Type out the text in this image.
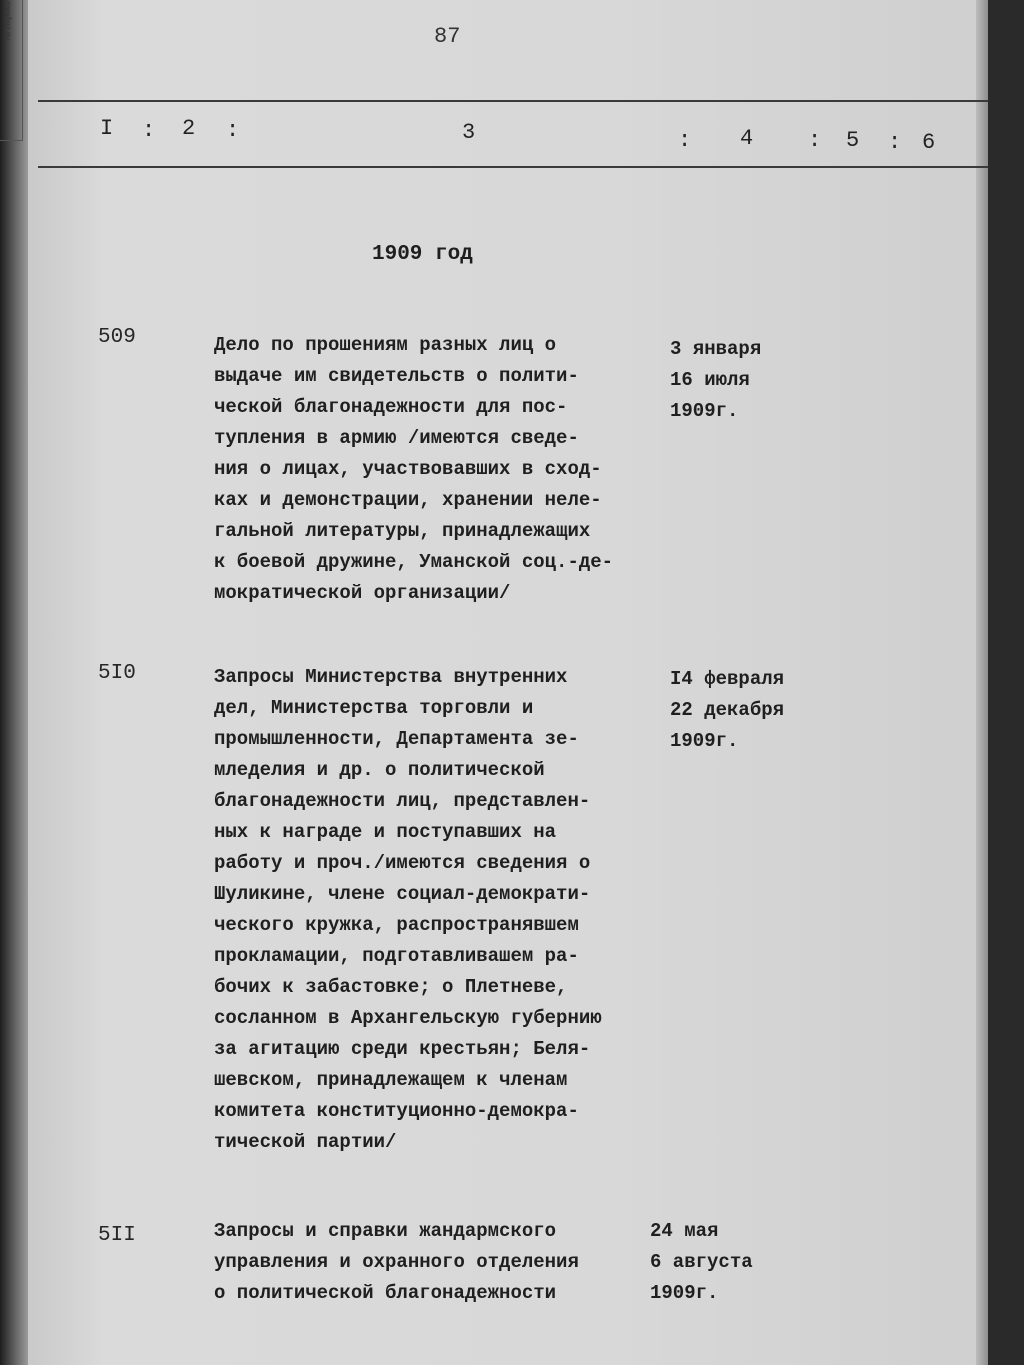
№ строки	87
I : 2 :	3	: 4 : 5 : 6
1909 год
509	Дело по прошениям разных лиц о
выдаче им свидетельств о полити-
ческой благонадежности для пос-
тупления в армию /имеются сведе-
ния о лицах, участвовавших в сход-
ках и демонстрации, хранении неле-
гальной литературы, принадлежащих
к боевой дружине, Уманской соц.-де-
мократической организации/
3 января
16 июля
1909г.
5I0	Запросы Министерства внутренних
дел, Министерства торговли и
промышленности, Департамента зе-
мледелия и др. о политической
благонадежности лиц, представлен-
ных к награде и поступавших на
работу и проч./имеются сведения о
Шуликине, члене социал-демократи-
ческого кружка, распространявшем
прокламации, подготавливашем ра-
бочих к забастовке; о Плетневе,
сосланном в Архангельскую губернию
за агитацию среди крестьян; Беля-
шевском, принадлежащем к членам
комитета конституционно-демокра-
тической партии/
I4 февраля
22 декабря
1909г.
5II	Запросы и справки жандармского
управления и охранного отделения
о политической благонадежности
24 мая
6 августа
1909г.
